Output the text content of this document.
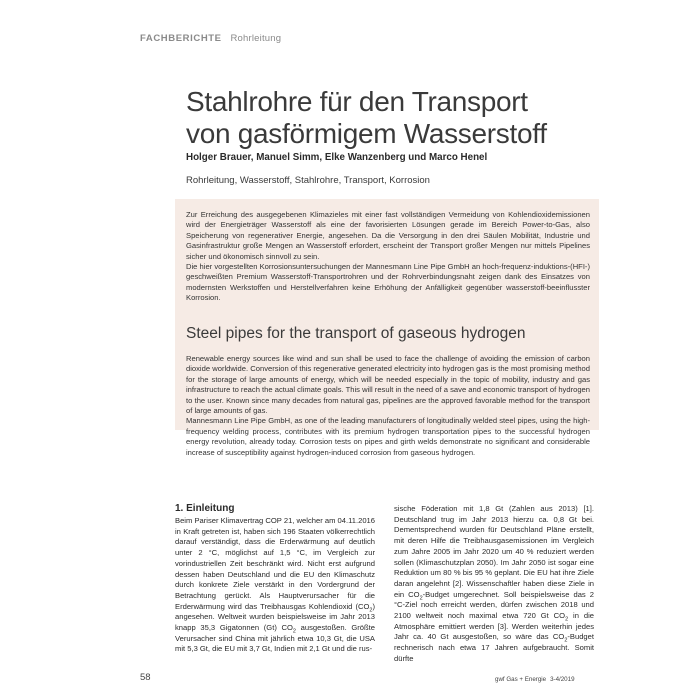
FACHBERICHTE Rohrleitung
Stahlrohre für den Transport
von gasförmigem Wasserstoff
Holger Brauer, Manuel Simm, Elke Wanzenberg und Marco Henel
Rohrleitung, Wasserstoff, Stahlrohre, Transport, Korrosion

Zur Erreichung des ausgegebenen Klimazieles mit einer fast vollständigen Vermeidung von Kohlendioxidemissionen wird der Energieträger Wasserstoff als eine der favorisierten Lösungen gerade im Bereich Power-to-Gas, also Speicherung von regenerativer Energie, angesehen. Da die Versorgung in den drei Säulen Mobilität, Industrie und Gasinfrastruktur große Mengen an Wasserstoff erfordert, erscheint der Transport großer Mengen nur mittels Pipelines sicher und ökonomisch sinnvoll zu sein.

Die hier vorgestellten Korrosionsuntersuchungen der Mannesmann Line Pipe GmbH an hoch-frequenz-induktions-(HFI-) geschweißten Premium Wasserstoff-Transportrohren und der Rohrverbindungsnaht zeigen dank des Einsatzes von modernsten Werkstoffen und Herstellverfahren keine Erhöhung der Anfälligkeit gegenüber wasserstoff-beeinflusster Korrosion.

Steel pipes for the transport of gaseous hydrogen

Renewable energy sources like wind and sun shall be used to face the challenge of avoiding the emission of carbon dioxide worldwide. Conversion of this regenerative generated electricity into hydrogen gas is the most promising method for the storage of large amounts of energy, which will be needed especially in the topic of mobility, industry and gas infrastructure to reach the actual climate goals. This will result in the need of a save and economic transport of hydrogen to the user. Known since many decades from natural gas, pipelines are the approved favorable method for the transport of large amounts of gas.

Mannesmann Line Pipe GmbH, as one of the leading manufacturers of longitudinally welded steel pipes, using the high-frequency welding process, contributes with its premium hydrogen transportation pipes to the successful hydrogen energy revolution, already today. Corrosion tests on pipes and girth welds demonstrate no significant and considerable increase of susceptibility against hydrogen-induced corrosion from gaseous hydrogen.

1. Einleitung

Beim Pariser Klimavertrag COP 21, welcher am 04.11.2016 in Kraft getreten ist, haben sich 196 Staaten völkerrechtlich darauf verständigt, dass die Erderwärmung auf deutlich unter 2 °C, möglichst auf 1,5 °C, im Vergleich zur vorindustriellen Zeit beschränkt wird. Nicht erst aufgrund dessen haben Deutschland und die EU den Klimaschutz durch konkrete Ziele verstärkt in den Vordergrund der Betrachtung gerückt. Als Hauptverursacher für die Erderwärmung wird das Treibhausgas Kohlendioxid $(CO_2)$ angesehen. Weltweit wurden beispielsweise im Jahr 2013 knapp 35,3 Gigatonnen (Gt) $CO_2$ ausgestoßen. Größte Verursacher sind China mit jährlich etwa 10,3 Gt, die USA mit 5,3 Gt, die EU mit 3,7 Gt, Indien mit 2,1 Gt und die rus-

sische Föderation mit 1,8 Gt (Zahlen aus 2013) [1]. Deutschland trug im Jahr 2013 hierzu ca. 0,8 Gt bei. Dementsprechend wurden für Deutschland Pläne erstellt, mit deren Hilfe die Treibhausgasemissionen im Vergleich zum Jahre 2005 im Jahr 2020 um 40 % reduziert werden sollen (Klimaschutzplan 2050). Im Jahr 2050 ist sogar eine Reduktion um 80 % bis 95 % geplant. Die EU hat ihre Ziele daran angelehnt [2]. Wissenschaftler haben diese Ziele in ein $CO_2$-Budget umgerechnet. Soll beispielsweise das 2 °C-Ziel noch erreicht werden, dürfen zwischen 2018 und 2100 weltweit noch maximal etwa 720 Gt $CO_2$ in die Atmosphäre emittiert werden [3]. Werden weiterhin jedes Jahr ca. 40 Gt ausgestoßen, so wäre das $CO_2$-Budget rechnerisch nach etwa 17 Jahren aufgebraucht. Somit dürfte

58	gwf Gas + Energie 3-4/2019
